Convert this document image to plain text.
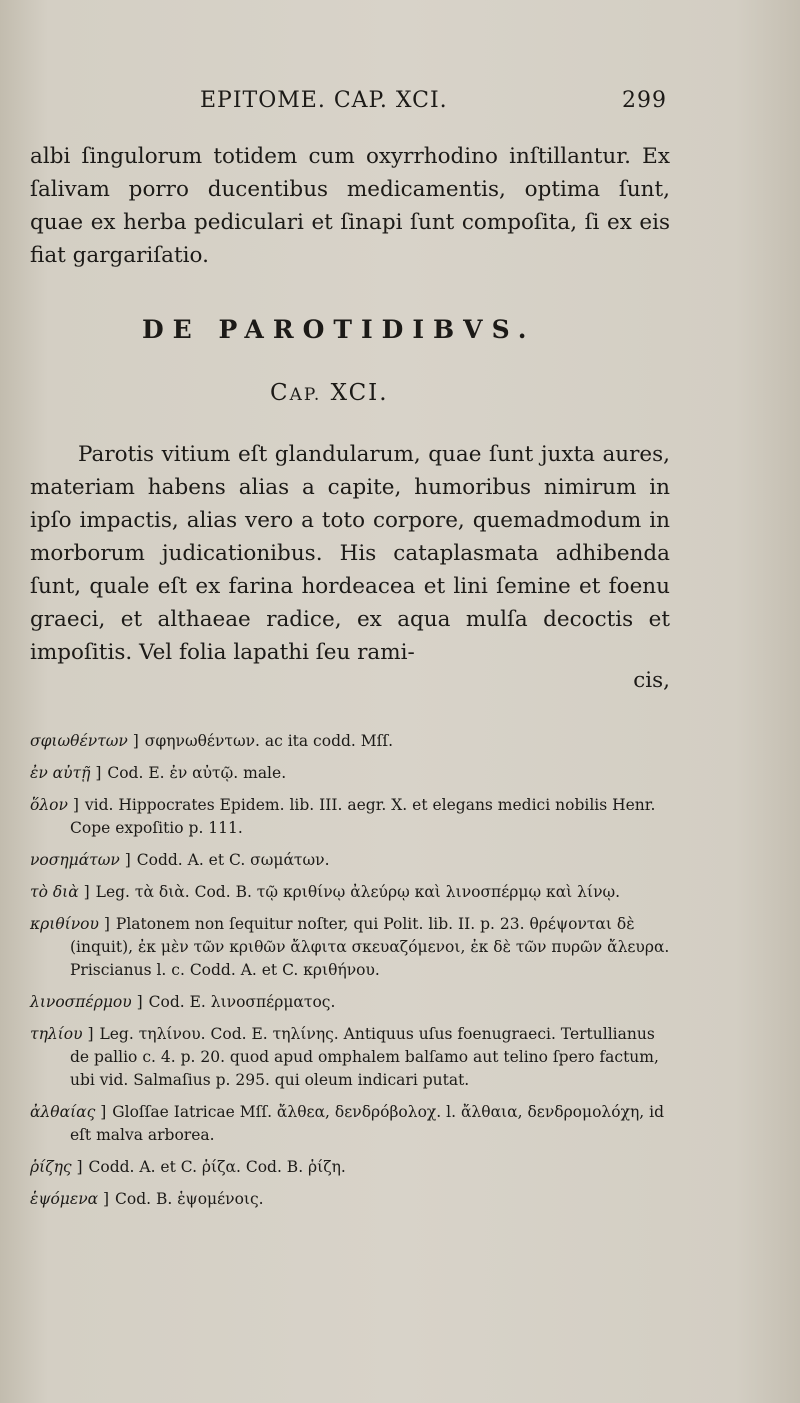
EPITOME. CAP. XCI.	299
albi ſingulorum totidem cum oxyrrhodino inſtillantur. Ex ſalivam porro ducentibus medicamentis, optima ſunt, quae ex herba pediculari et ſinapi ſunt compoſita, ſi ex eis fiat gargariſatio.
DE PAROTIDIBVS.
CAP. XCI.

Parotis vitium eſt glandularum, quae ſunt juxta aures, materiam habens alias a capite, humoribus nimirum in ipſo impactis, alias vero a toto corpore, quemadmodum in morborum judicationibus. His cataplasmata adhibenda ſunt, quale eſt ex farina hordeacea et lini ſemine et foenu graeci, et althaeae radice, ex aqua mulſa decoctis et impoſitis. Vel folia lapathi ſeu rami-

cis,

σφιωθέντων ] σφηνωθέντων. ac ita codd. Mſſ.

ἐν αὐτῇ ] Cod. E. ἐν αὐτῷ. male.

ὅλον ] vid. Hippocrates Epidem. lib. III. aegr. X. et elegans medici nobilis Henr. Cope expoſitio p. 111.

νοσημάτων ] Codd. A. et C. σωμάτων.

τὸ διὰ ] Leg. τὰ διὰ. Cod. B. τῷ κριθίνῳ ἀλεύρῳ καὶ λινοσπέρμῳ καὶ λίνῳ.

κριθίνου ] Platonem non ſequitur noſter, qui Polit. lib. II. p. 23. θρέψονται δὲ (inquit), ἐκ μὲν τῶν κριθῶν ἄλφιτα σκευαζόμενοι, ἐκ δὲ τῶν πυρῶν ἄλευρα. Priscianus l. c. Codd. A. et C. κριθήνου.

λινοσπέρμου ] Cod. E. λινοσπέρματος.

τηλίου ] Leg. τηλίνου. Cod. E. τηλίνης. Antiquus uſus foenugraeci. Tertullianus de pallio c. 4. p. 20. quod apud omphalem balſamo aut telino ſpero factum, ubi vid. Salmaſius p. 295. qui oleum indicari putat.

ἀλθαίας ] Gloſſae Iatricae Mſſ. ἄλθεα, δενδρόβολοχ. l. ἄλθαια, δενδρομολόχη, id eſt malva arborea.

ῥίζης ] Codd. A. et C. ῥίζα. Cod. B. ῥίζη.

ἑψόμενα ] Cod. B. ἑψομένοις.
